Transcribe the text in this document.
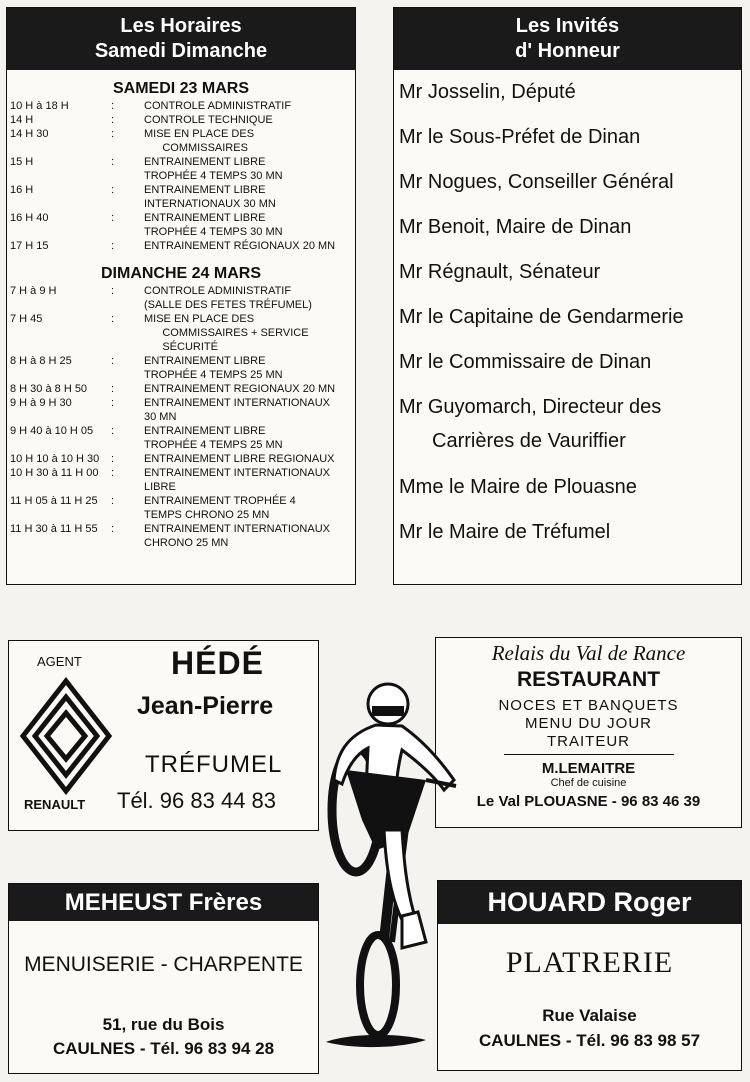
Les Horaires
Samedi Dimanche
SAMEDI 23 MARS
10 H à 18 H	:	CONTROLE ADMINISTRATIF
14 H	:	CONTROLE TECHNIQUE
14 H 30	:	MISE EN PLACE DES
COMMISSAIRES
15 H	:	ENTRAINEMENT LIBRE
TROPHÉE 4 TEMPS 30 MN
16 H	:	ENTRAINEMENT LIBRE
INTERNATIONAUX 30 MN
16 H 40	:	ENTRAINEMENT LIBRE
TROPHÉE 4 TEMPS 30 MN
17 H 15	:	ENTRAINEMENT RÉGIONAUX 20 MN
DIMANCHE 24 MARS
7 H à 9 H	:	CONTROLE ADMINISTRATIF
(SALLE DES FETES TRÉFUMEL)
7 H 45	:	MISE EN PLACE DES
COMMISSAIRES + SERVICE
SÉCURITÉ
8 H à 8 H 25	:	ENTRAINEMENT LIBRE
TROPHÉE 4 TEMPS 25 MN
8 H 30 à 8 H 50	:	ENTRAINEMENT REGIONAUX 20 MN
9 H à 9 H 30	:	ENTRAINEMENT INTERNATIONAUX
30 MN
9 H 40 à 10 H 05	:	ENTRAINEMENT LIBRE
TROPHÉE 4 TEMPS 25 MN
10 H 10 à 10 H 30	:	ENTRAINEMENT LIBRE REGIONAUX
10 H 30 à 11 H 00	:	ENTRAINEMENT INTERNATIONAUX
LIBRE
11 H 05 à 11 H 25	:	ENTRAINEMENT TROPHÉE 4
TEMPS CHRONO 25 MN
11 H 30 à 11 H 55	:	ENTRAINEMENT INTERNATIONAUX
CHRONO 25 MN
Les Invités
d' Honneur
Mr Josselin, Député
Mr le Sous-Préfet de Dinan
Mr Nogues, Conseiller Général
Mr Benoit, Maire de Dinan
Mr Régnault, Sénateur
Mr le Capitaine de Gendarmerie
Mr le Commissaire de Dinan
Mr Guyomarch, Directeur des
Carrières de Vauriffier
Mme le Maire de Plouasne
Mr le Maire de Tréfumel
AGENT
RENAULT
HÉDÉ
Jean-Pierre
TRÉFUMEL
Tél. 96 83 44 83
Relais du Val de Rance
RESTAURANT
NOCES ET BANQUETS
MENU DU JOUR
TRAITEUR
M.LEMAITRE
Chef de cuisine
Le Val PLOUASNE - 96 83 46 39
MEHEUST Frères
MENUISERIE - CHARPENTE
51, rue du Bois
CAULNES - Tél. 96 83 94 28
HOUARD Roger
PLATRERIE
Rue Valaise
CAULNES - Tél. 96 83 98 57
